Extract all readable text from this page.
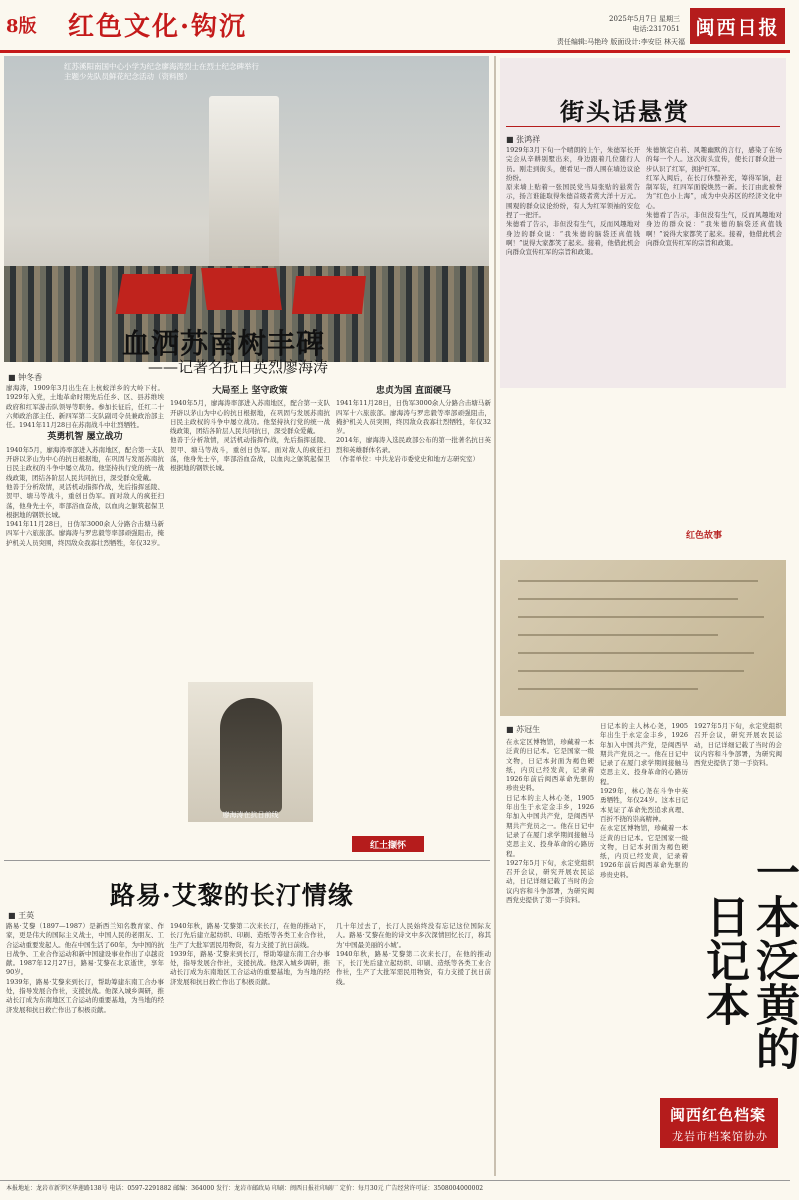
8版 红色文化·钩沉	2025年5月7日 星期三
电话:2317051
责任编辑:马艳玲 版面设计:李安臣 林天福
闽西日报
红苏溪阳南国中心小学为纪念廖海涛烈士在烈士纪念碑举行主题少先队员鲜花纪念活动（资料图）
血洒苏南树丰碑
——记著名抗日英烈廖海涛
■ 钟冬香

廖海涛，1909年3月出生在上杭蛟洋乡的大岭下村。1929年入党，土地革命时期先后任乡、区、县苏维埃政府和红军游击队领导等职务。参加长征后，任红二十六师政治部主任、新四军第二支队副司令员兼政治部主任。1941年11月28日在苏南战斗中壮烈牺牲。

英勇机智 屡立战功

1940年5月，廖海涛率部进入苏南地区，配合第一支队开辟以茅山为中心的抗日根据地，在巩固与发展苏南抗日民主政权的斗争中屡立战功。他坚持执行党的统一战线政策，团结各阶层人民共同抗日，深受群众爱戴。

他善于分析敌情，灵活机动指挥作战，先后指挥延陵、贺甲、塘马等战斗，重创日伪军。面对敌人的疯狂扫荡，他身先士卒，率部浴血奋战，以血肉之躯筑起保卫根据地的钢铁长城。

1941年11月28日，日伪军3000余人分路合击塘马新四军十六旅旅部。廖海涛与罗忠毅等率部顽强阻击，掩护机关人员突围，终因敌众我寡壮烈牺牲，年仅32岁。

大局至上 坚守政策

1940年5月，廖海涛率部进入苏南地区，配合第一支队开辟以茅山为中心的抗日根据地，在巩固与发展苏南抗日民主政权的斗争中屡立战功。他坚持执行党的统一战线政策，团结各阶层人民共同抗日，深受群众爱戴。

他善于分析敌情，灵活机动指挥作战，先后指挥延陵、贺甲、塘马等战斗，重创日伪军。面对敌人的疯狂扫荡，他身先士卒，率部浴血奋战，以血肉之躯筑起保卫根据地的钢铁长城。

忠贞为国 直面硬马

1941年11月28日，日伪军3000余人分路合击塘马新四军十六旅旅部。廖海涛与罗忠毅等率部顽强阻击，掩护机关人员突围，终因敌众我寡壮烈牺牲，年仅32岁。

2014年，廖海涛入选民政部公布的第一批著名抗日英烈和英雄群体名录。

（作者单位：中共龙岩市委党史和地方志研究室）

廖海涛在抗日前线
红土撷怀
路易·艾黎的长汀情缘
■ 王英

路易·艾黎（1897—1987）是新西兰知名教育家、作家，更是伟大的国际主义战士，中国人民的老朋友、工合运动重要发起人。他在中国生活了60年，为中国的抗日战争、工业合作运动和新中国建设事业作出了卓越贡献。1987年12月27日，路易·艾黎在北京逝世，享年90岁。

1939年，路易·艾黎来到长汀，帮助筹建东南工合办事处，指导发展合作社，支援抗战。他深入城乡调研，推动长汀成为东南地区工合运动的重要基地，为当地的经济发展和抗日救亡作出了积极贡献。

1940年秋，路易·艾黎第二次来长汀，在他的推动下，长汀先后建立起纺织、印刷、造纸等各类工业合作社，生产了大批军需民用物资，有力支援了抗日前线。

1939年，路易·艾黎来到长汀，帮助筹建东南工合办事处，指导发展合作社，支援抗战。他深入城乡调研，推动长汀成为东南地区工合运动的重要基地，为当地的经济发展和抗日救亡作出了积极贡献。

几十年过去了，长汀人民始终没有忘记这位国际友人。路易·艾黎在他的诗文中多次深情回忆长汀，称其为‘中国最美丽的小城’。

1940年秋，路易·艾黎第二次来长汀，在他的推动下，长汀先后建立起纺织、印刷、造纸等各类工业合作社，生产了大批军需民用物资，有力支援了抗日前线。

街头话悬赏
■ 张鸿祥

1929年3月下旬一个晴朗的上午，朱德军长开完会从辛耕别墅出来，身边跟着几位随行人员。刚走到街头，便看见一群人围在墙边议论纷纷。

原来墙上贴着一张国民党当局张贴的悬赏告示，扬言谁能取得朱德首级者赏大洋十万元。围观的群众议论纷纷，有人为红军领袖的安危捏了一把汗。

朱德看了告示，非但没有生气，反而风趣地对身边的群众说：“我朱德的脑袋还真值钱啊！”说得大家都笑了起来。接着，他借此机会向群众宣传红军的宗旨和政策。

朱德镇定自若、风趣幽默的言行，感染了在场的每一个人。这次街头宣传，使长汀群众进一步认识了红军，拥护红军。

红军入闽后，在长汀休整补充，筹得军饷，赶制军装，红四军面貌焕然一新。长汀由此被誉为“红色小上海”，成为中央苏区的经济文化中心。

朱德看了告示，非但没有生气，反而风趣地对身边的群众说：“我朱德的脑袋还真值钱啊！”说得大家都笑了起来。接着，他借此机会向群众宣传红军的宗旨和政策。

红色故事
■ 苏冠生

在永定区博物馆，珍藏着一本泛黄的日记本。它是国家一级文物，日记本封面为褐色硬纸，内页已经发黄，记录着1926年前后闽西革命先驱的珍贵史料。

日记本的主人林心尧，1905年出生于永定金丰乡，1926年加入中国共产党，是闽西早期共产党员之一。他在日记中记录了在厦门求学期间接触马克思主义、投身革命的心路历程。

1927年5月下旬，永定党组织召开会议，研究开展农民运动，日记详细记载了当时的会议内容和斗争部署，为研究闽西党史提供了第一手资料。

日记本的主人林心尧，1905年出生于永定金丰乡，1926年加入中国共产党，是闽西早期共产党员之一。他在日记中记录了在厦门求学期间接触马克思主义、投身革命的心路历程。

1929年，林心尧在斗争中英勇牺牲，年仅24岁。这本日记本见证了革命先烈追求真理、百折不挠的崇高精神。

在永定区博物馆，珍藏着一本泛黄的日记本。它是国家一级文物，日记本封面为褐色硬纸，内页已经发黄，记录着1926年前后闽西革命先驱的珍贵史料。

1927年5月下旬，永定党组织召开会议，研究开展农民运动，日记详细记载了当时的会议内容和斗争部署，为研究闽西党史提供了第一手资料。

一本泛黄的日记本
闽西红色档案
龙岩市档案馆协办
本报地址：龙岩市新罗区华莲路138号 电话：0597-2291882 邮编：364000 发行：龙岩市邮政局 印刷：闽西日报社印刷厂 定价：每月30元 广告经营许可证：3508004000002
